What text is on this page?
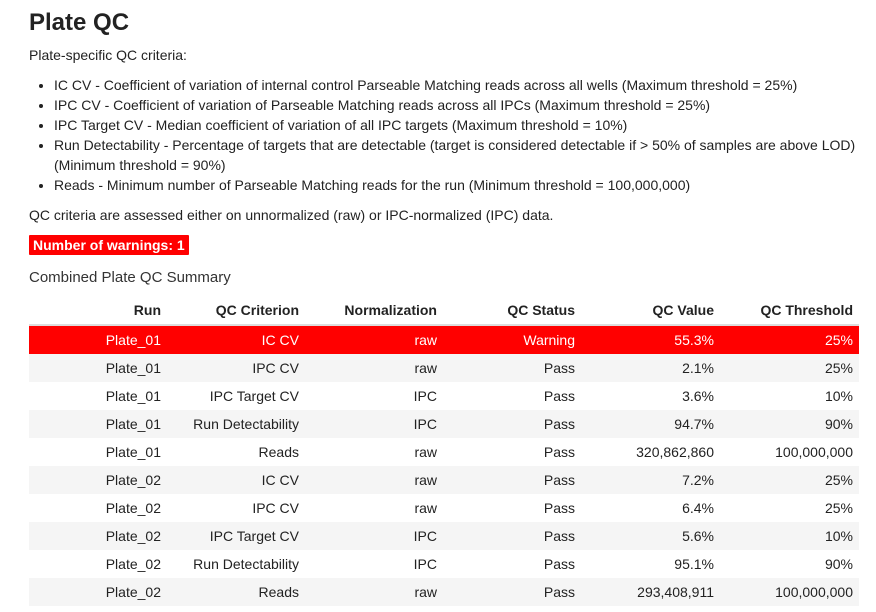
Plate QC

Plate-specific QC criteria:

• IC CV - Coefficient of variation of internal control Parseable Matching reads across all wells (Maximum threshold = 25%)
• IPC CV - Coefficient of variation of Parseable Matching reads across all IPCs (Maximum threshold = 25%)
• IPC Target CV - Median coefficient of variation of all IPC targets (Maximum threshold = 10%)
• Run Detectability - Percentage of targets that are detectable (target is considered detectable if > 50% of samples are above LOD) (Minimum threshold = 90%)
• Reads - Minimum number of Parseable Matching reads for the run (Minimum threshold = 100,000,000)

QC criteria are assessed either on unnormalized (raw) or IPC-normalized (IPC) data.

Number of warnings: 1
Combined Plate QC Summary
Run	QC Criterion	Normalization	QC Status	QC Value	QC Threshold
Plate_01	IC CV	raw	Warning	55.3%	25%
Plate_01	IPC CV	raw	Pass	2.1%	25%
Plate_01	IPC Target CV	IPC	Pass	3.6%	10%
Plate_01	Run Detectability	IPC	Pass	94.7%	90%
Plate_01	Reads	raw	Pass	320,862,860	100,000,000
Plate_02	IC CV	raw	Pass	7.2%	25%
Plate_02	IPC CV	raw	Pass	6.4%	25%
Plate_02	IPC Target CV	IPC	Pass	5.6%	10%
Plate_02	Run Detectability	IPC	Pass	95.1%	90%
Plate_02	Reads	raw	Pass	293,408,911	100,000,000
